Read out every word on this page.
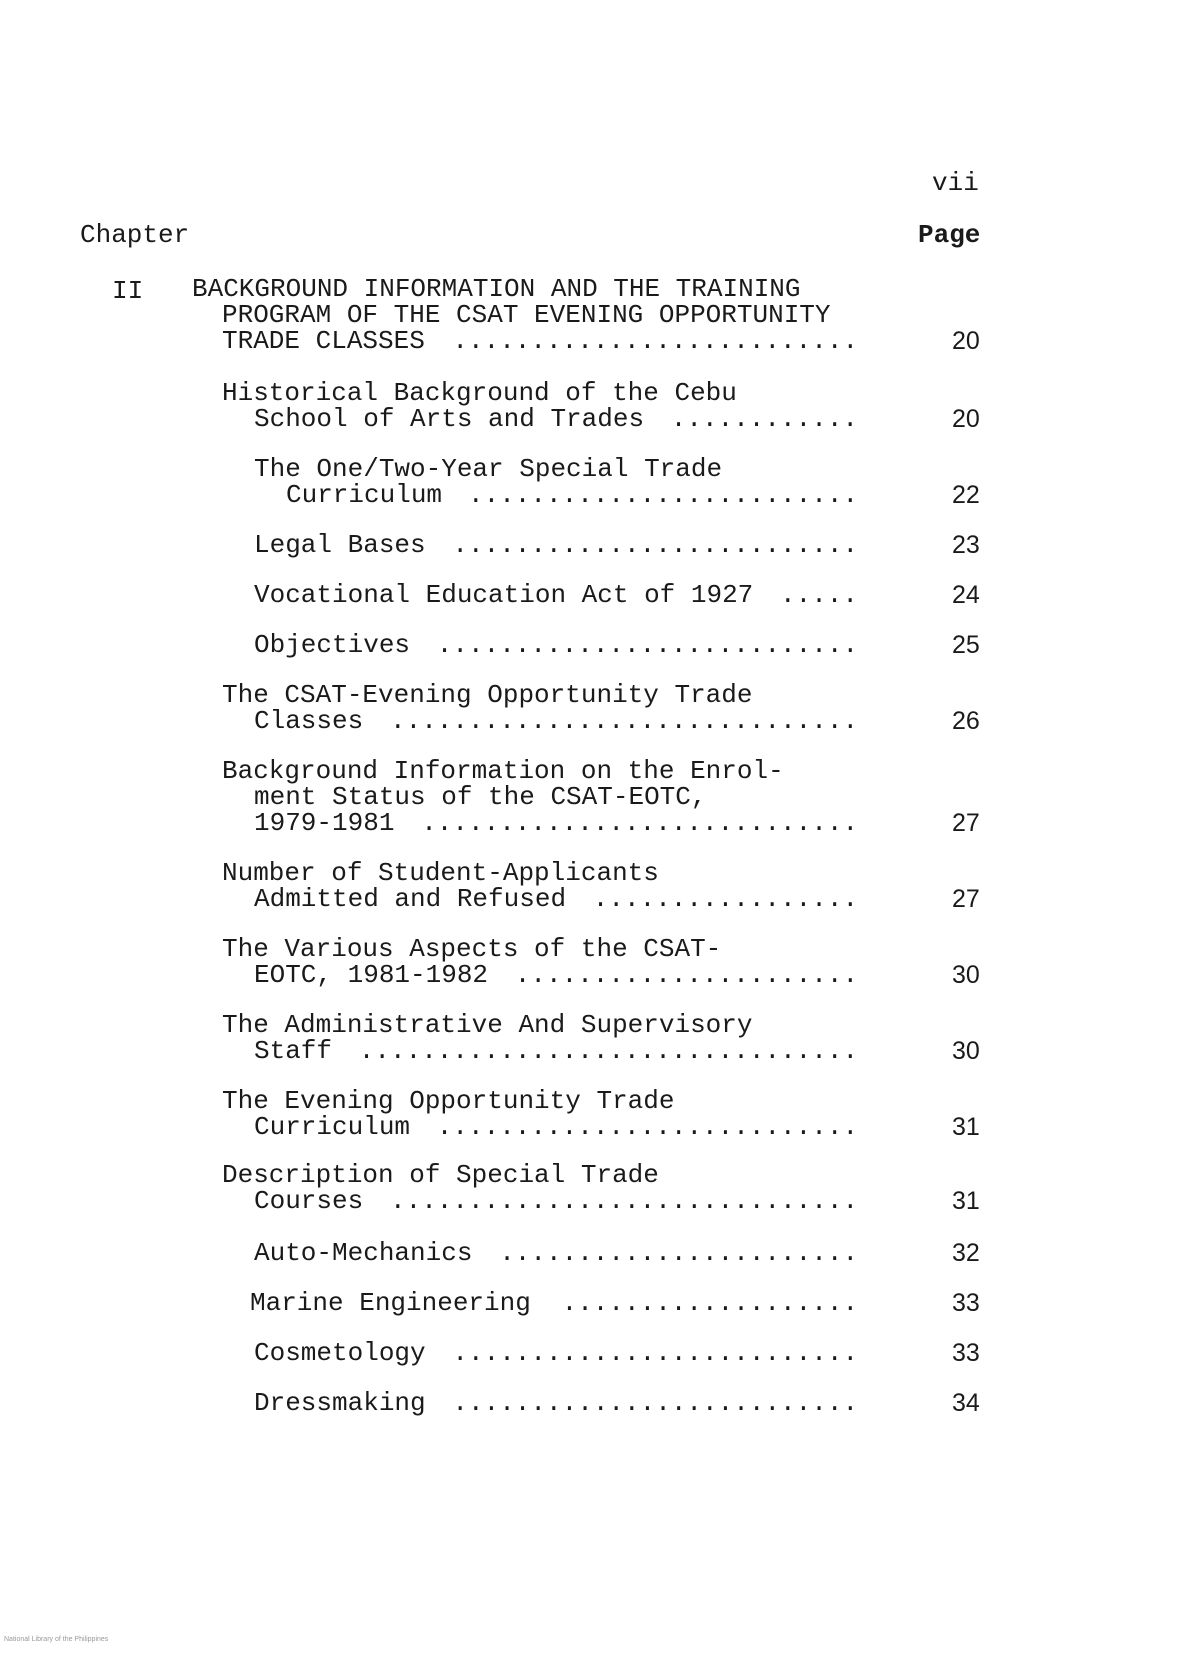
vii
Chapter	Page
II BACKGROUND INFORMATION AND THE TRAINING
PROGRAM OF THE CSAT EVENING OPPORTUNITY
TRADE CLASSES ..........................	20
Historical Background of the Cebu
School of Arts and Trades ............	20
The One/Two-Year Special Trade
Curriculum .........................	22
Legal Bases ..........................	23
Vocational Education Act of 1927 .....	24
Objectives ...........................	25
The CSAT-Evening Opportunity Trade
Classes ..............................	26
Background Information on the Enrol-
ment Status of the CSAT-EOTC,
1979-1981 ............................	27
Number of Student-Applicants
Admitted and Refused .................	27
The Various Aspects of the CSAT-
EOTC, 1981-1982 ......................	30
The Administrative And Supervisory
Staff ................................	30
The Evening Opportunity Trade
Curriculum ...........................	31
Description of Special Trade
Courses ..............................	31
Auto-Mechanics .......................	32
Marine Engineering ...................	33
Cosmetology ..........................	33
Dressmaking ..........................	34
National Library of the Philippines
